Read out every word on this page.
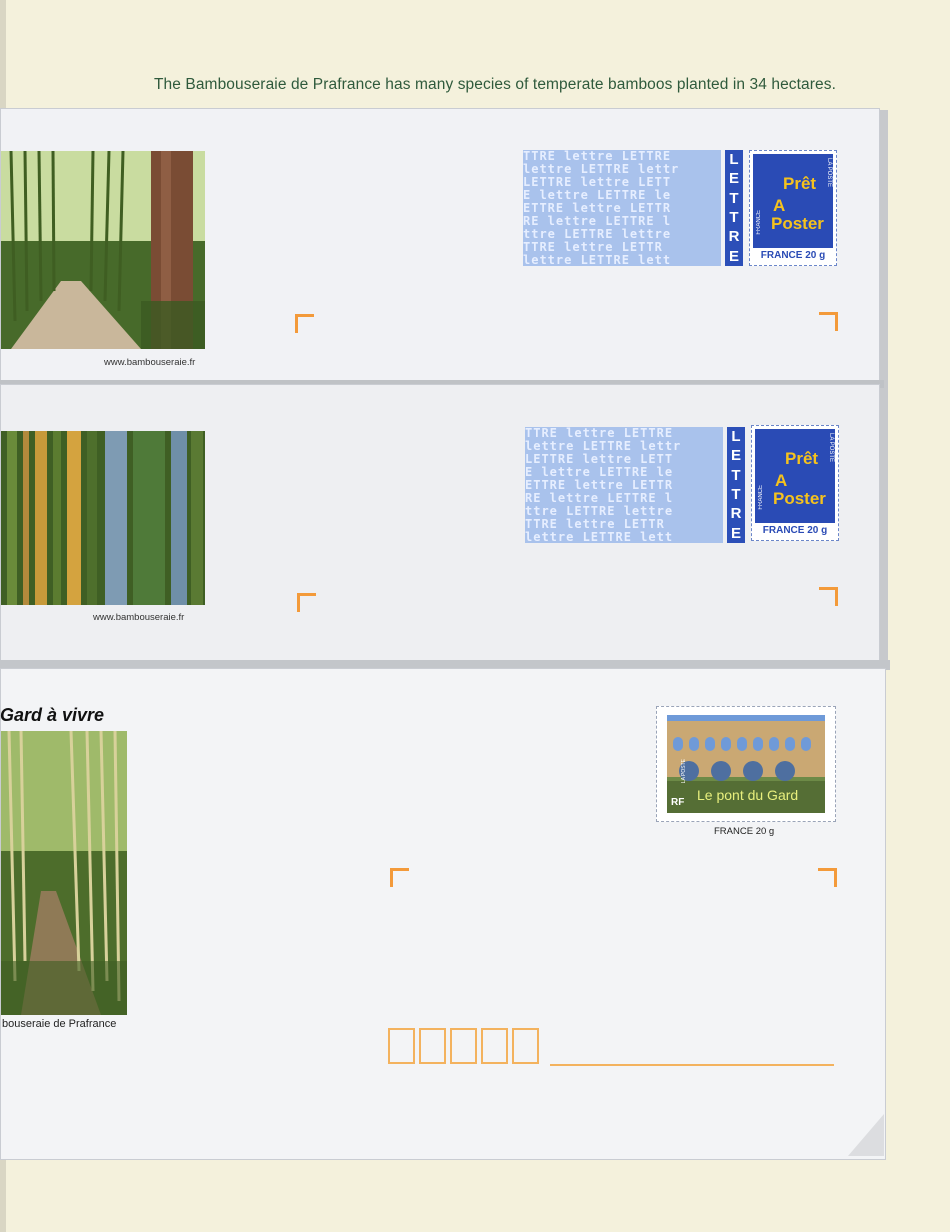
The Bambouseraie de Prafrance has many species of temperate bamboos planted in 34 hectares.
www.bambouseraie.fr
TTRE lettre LETTRE
lettre LETTRE lettr
LETTRE lettre LETT
E lettre LETTRE le
ETTRE lettre LETTR
RE lettre LETTRE l
ttre LETTRE lettre
TTRE lettre LETTR
lettre LETTRE lett
L
E
T
T
R
E
LA POSTE
FRANCE
Prêt
A
Poster
FRANCE 20 g
www.bambouseraie.fr
TTRE lettre LETTRE
lettre LETTRE lettr
LETTRE lettre LETT
E lettre LETTRE le
ETTRE lettre LETTR
RE lettre LETTRE l
ttre LETTRE lettre
TTRE lettre LETTR
lettre LETTRE lett
L
E
T
T
R
E
LA POSTE
FRANCE
Prêt
A
Poster
FRANCE 20 g
Gard à vivre
bouseraie de Prafrance
LA POSTE
Le pont du Gard
RF
FRANCE 20 g
